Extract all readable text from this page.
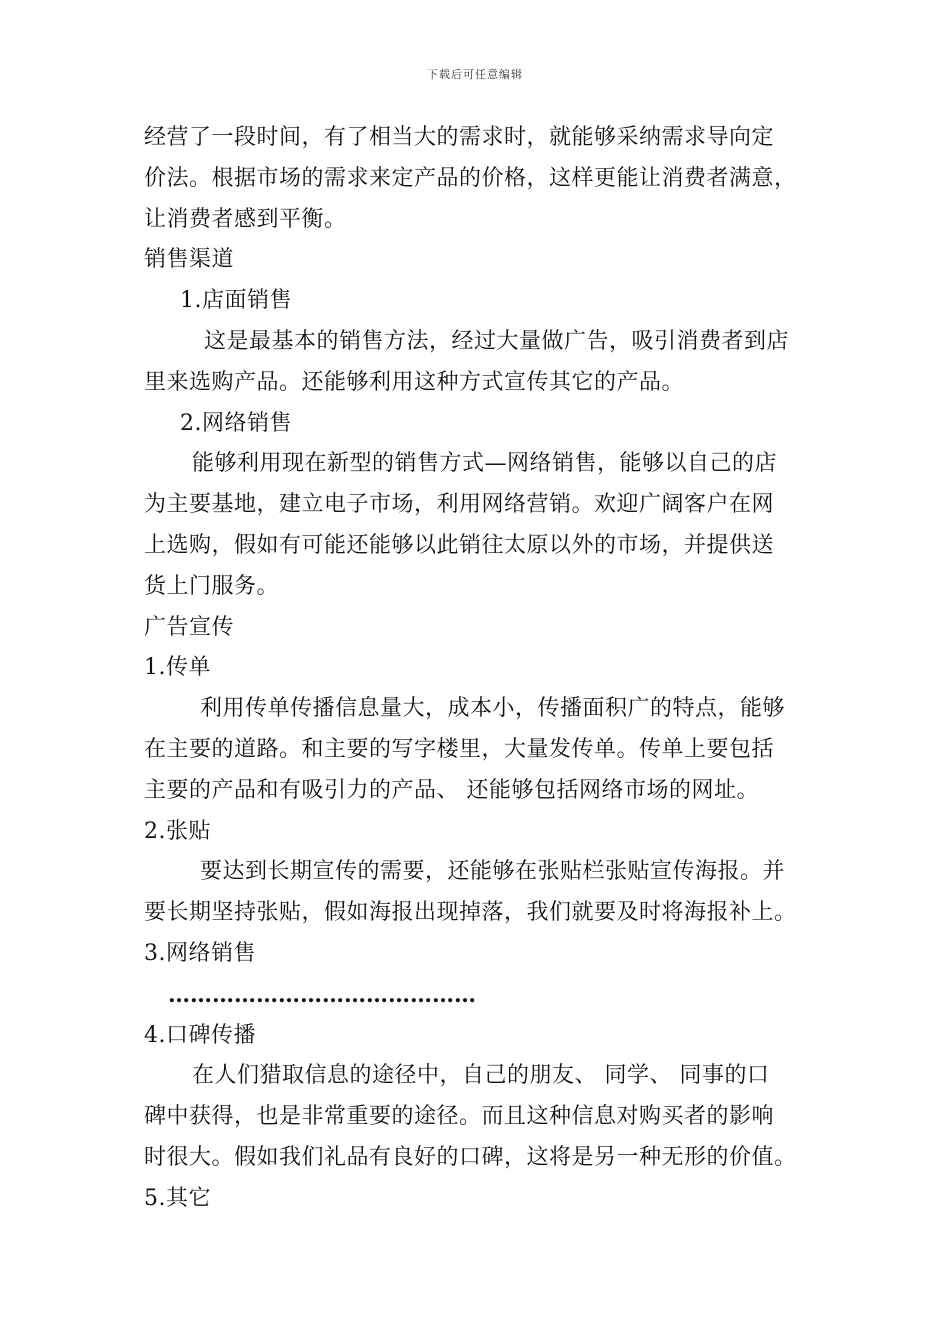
下载后可任意编辑
经营了一段时间，有了相当大的需求时，就能够采纳需求导向定
价法。根据市场的需求来定产品的价格，这样更能让消费者满意，
让消费者感到平衡。
销售渠道
1.店面销售
这是最基本的销售方法，经过大量做广告，吸引消费者到店
里来选购产品。还能够利用这种方式宣传其它的产品。
2.网络销售
能够利用现在新型的销售方式—网络销售，能够以自己的店
为主要基地，建立电子市场，利用网络营销。欢迎广阔客户在网
上选购，假如有可能还能够以此销往太原以外的市场，并提供送
货上门服务。
广告宣传
1.传单
利用传单传播信息量大，成本小，传播面积广的特点，能够
在主要的道路。和主要的写字楼里，大量发传单。传单上要包括
主要的产品和有吸引力的产品、 还能够包括网络市场的网址。
2.张贴
要达到长期宣传的需要，还能够在张贴栏张贴宣传海报。并
要长期坚持张贴，假如海报出现掉落，我们就要及时将海报补上。
3.网络销售
……………………………………
4.口碑传播
在人们猎取信息的途径中，自己的朋友、 同学、 同事的口
碑中获得，也是非常重要的途径。而且这种信息对购买者的影响
时很大。假如我们礼品有良好的口碑，这将是另一种无形的价值。
5.其它
